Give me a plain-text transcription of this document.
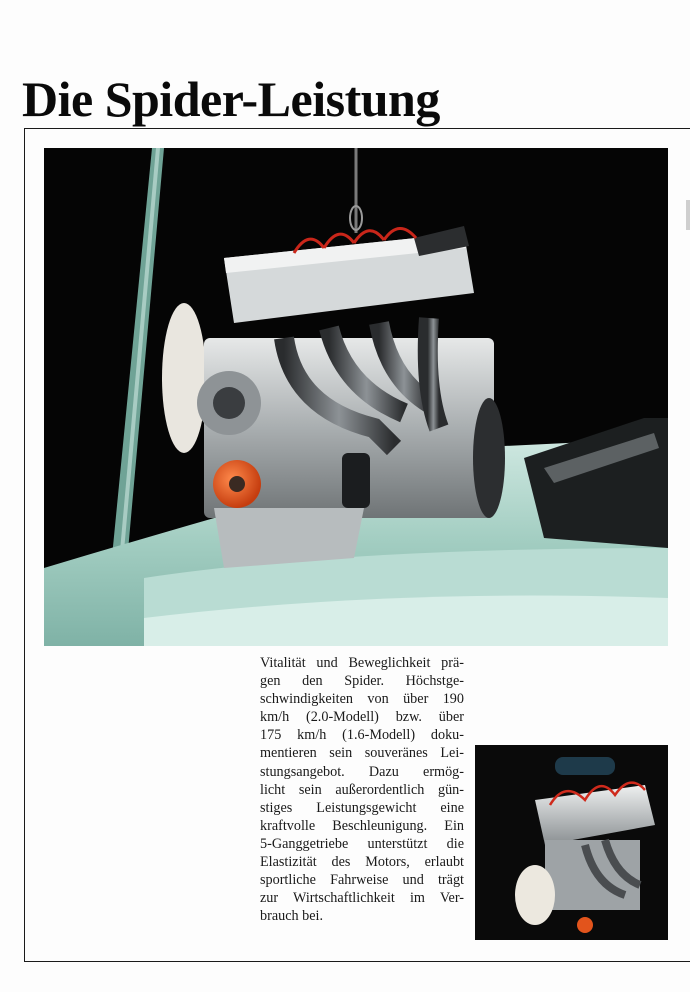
Die Spider-Leistung
Vitalität und Beweglichkeit prä-
gen den Spider. Höchstge-
schwindigkeiten von über 190
km/h (2.0-Modell) bzw. über
175 km/h (1.6-Modell) doku-
mentieren sein souveränes Lei-
stungsangebot. Dazu ermög-
licht sein außerordentlich gün-
stiges Leistungsgewicht eine
kraftvolle Beschleunigung. Ein
5-Ganggetriebe unterstützt die
Elastizität des Motors, erlaubt
sportliche Fahrweise und trägt
zur Wirtschaftlichkeit im Ver-
brauch bei.
